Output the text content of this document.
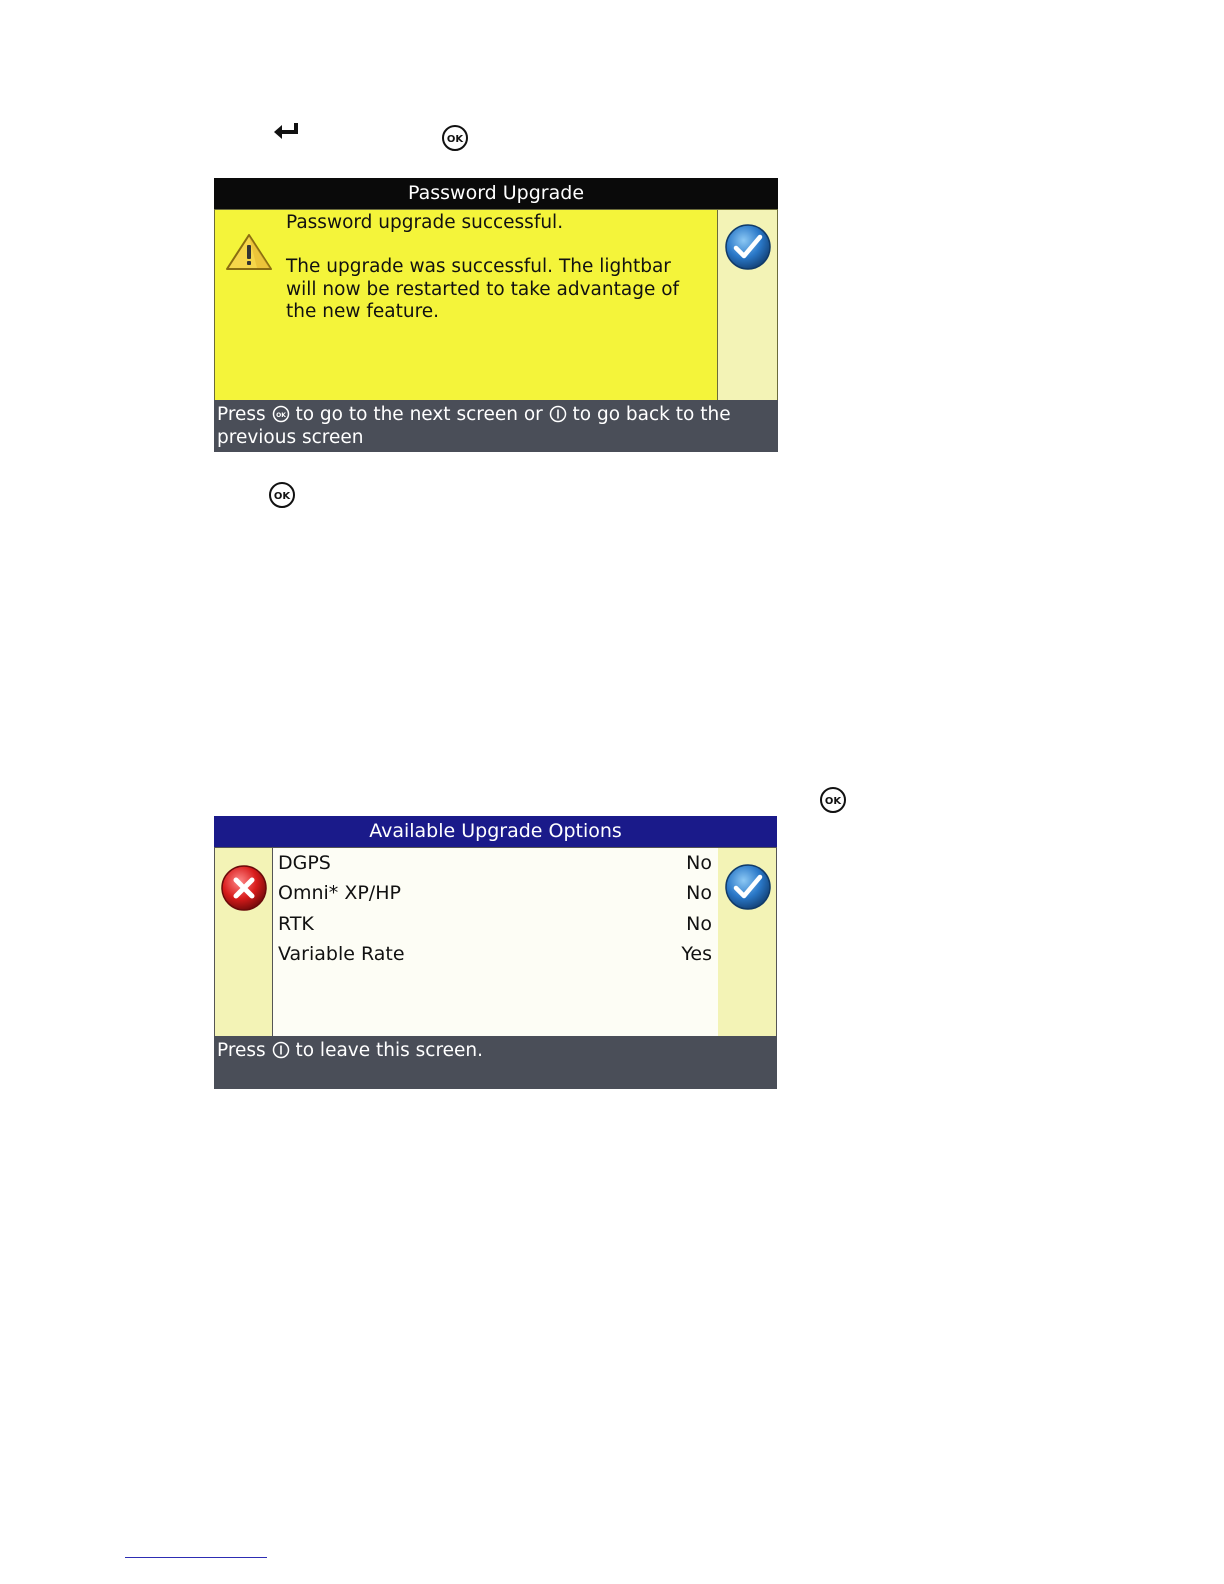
OK
Password Upgrade
Password upgrade successful.
The upgrade was successful. The lightbar will now be restarted to take advantage of the new feature.
Press OK to go to the next screen or to go back to the previous screen
OK
OK
Available Upgrade Options
DGPS	No
Omni* XP/HP	No
RTK	No
Variable Rate	Yes
Press to leave this screen.
